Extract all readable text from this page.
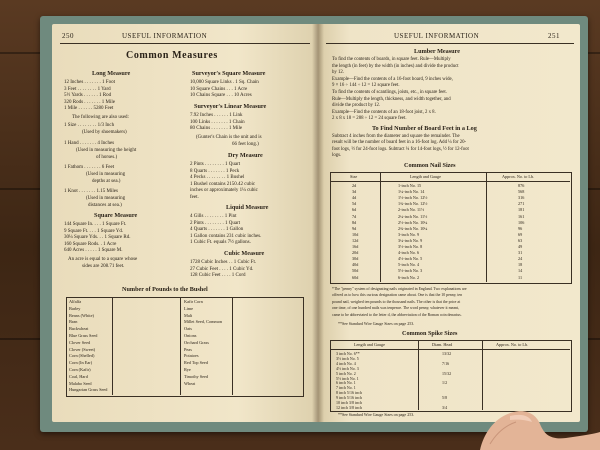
250	USEFUL INFORMATION
Common Measures
Long Measure
12 Inches . . . . . . . 1 Foot
3 Feet . . . . . . . . 1 Yard
5½ Yards . . . . . . 1 Rod
320 Rods . . . . . . . 1 Mile
1 Mile . . . . . . 5280 Feet
The following are also used:
1 Size . . . . . . . . 1/3 Inch
(Used by shoemakers)
1 Hand . . . . . . . 4 Inches
(Used in measuring the height
of horses.)
1 Fathom . . . . . . . 6 Feet
(Used in measuring
depths at sea.)
1 Knot . . . . . . . 1.15 Miles
(Used in measuring
distances at sea.)
Square Measure
144 Square In. . . . 1 Square Ft.
9 Square Ft. . . . 1 Square Yd.
30¼ Square Yds. . . 1 Square Rd.
160 Square Rods. . 1 Acre
640 Acres . . . . . 1 Square M.
An acre is equal to a square whose
sides are 208.71 feet.
Surveyor's Square Measure
10,000 Square Links . 1 Sq. Chain
10 Square Chains . . . 1 Acre
10 Chains Square . . . 10 Acres
Surveyor's Linear Measure
7.92 Inches . . . . . . 1 Link
100 Links . . . . . . . 1 Chain
80 Chains . . . . . . . 1 Mile
(Gunter's Chain is the unit and is
66 feet long.)
Dry Measure
2 Pints . . . . . . . . 1 Quart
8 Quarts . . . . . . . 1 Peck
4 Pecks . . . . . . . . 1 Bushel
1 Bushel contains 2150.42 cubic
inches or approximately 1¼ cubic
feet.
Liquid Measure
4 Gills . . . . . . . . 1 Pint
2 Pints . . . . . . . . 1 Quart
4 Quarts . . . . . . . 1 Gallon
1 Gallon contains 231 cubic inches.
1 Cubic Ft. equals 7½ gallons.
Cubic Measure
1728 Cubic Inches . . 1 Cubic Ft.
27 Cubic Feet . . . . 1 Cubic Yd.
128 Cubic Feet . . . . 1 Cord
Number of Pounds to the Bushel
Alfalfa
Barley
Beans (White)
Bran
Buckwheat
Blue Grass Seed
Clover Seed
Clover (Sweet)
Corn (Shelled)
Corn (In Ear)
Corn (Kafir)
Coal, Hard
Malabo Seed
Hungarian Grass Seed
Kafir Corn
Lime
Malt
Millet Seed, Common
Oats
Onions
Orchard Grass
Peas
Potatoes
Red Top Seed
Rye
Timothy Seed
Wheat
USEFUL INFORMATION	251
Lumber Measure
To find the contents of boards, in square feet. Rule—Multiply
the length (in feet) by the width (in inches) and divide the product
by 12.
Example—Find the contents of a 16-foot board, 9 inches wide,
9 × 16 ÷ 144 ÷ 12 = 12 square feet.
To find the contents of scantlings, joists, etc., in square feet.
Rule—Multiply the length, thickness, and width together, and
divide the product by 12.
Example—Find the contents of an 18-foot joist, 2 x 8.
2 x 8 x 18 = 288 ÷ 12 = 24 square feet.
To Find Number of Board Feet in a Log
Subtract 4 inches from the diameter and square the remainder. The
result will be the number of board feet in a 16-foot log. Add ¼ for 20-
foot logs, ½ for 24-foot logs. Subtract ¼ for 14-foot logs, ½ for 12-foot
logs.
Common Nail Sizes
Size	Length and Gauge	Approx. No. to Lb.
2d	1-inch No. 15	876
3d	1¼-inch No. 14	568
4d	1½-inch No. 12½	316
5d	1¾-inch No. 12½	271
6d	2-inch No. 11½	181
7d	2¼-inch No. 11½	161
8d	2½-inch No. 10¼	106
9d	2¾-inch No. 10¼	96
10d	3-inch No. 9	69
12d	3¼-inch No. 9	63
16d	3½-inch No. 8	49
20d	4-inch No. 6	31
30d	4½-inch No. 5	24
40d	5-inch No. 4	18
50d	5½-inch No. 3	14
60d	6-inch No. 2	11
*The "penny" system of designating nails originated in England. Two explanations are
offered as to how this curious designation came about. One is that the 10 penny, ten
pound nail, weighed ten pounds to the thousand nails. The other is that the price at
one time, of one hundred nails was tenpence. The word penny, whatever it meant,
came to be abbreviated to the letter d, the abbreviation of the Roman coin denarius.
**See Standard Wire Gauge Sizes on page 253.
Common Spike Sizes
Length and Gauge	Diam. Head	Approx. No. to Lb.
3 inch No. 6**	13/32
3½ inch No. 5
4 inch No. 4	7/16
4½ inch No. 3
5 inch No. 2	15/32
5½ inch No. 1
6 inch No. 1	1/2
7 inch No. 1
8 inch 5/16 inch
9 inch 5/16 inch	5/8
10 inch 3/8 inch
12 inch 3/8 inch	3/4
**See Standard Wire Gauge Sizes on page 253.
